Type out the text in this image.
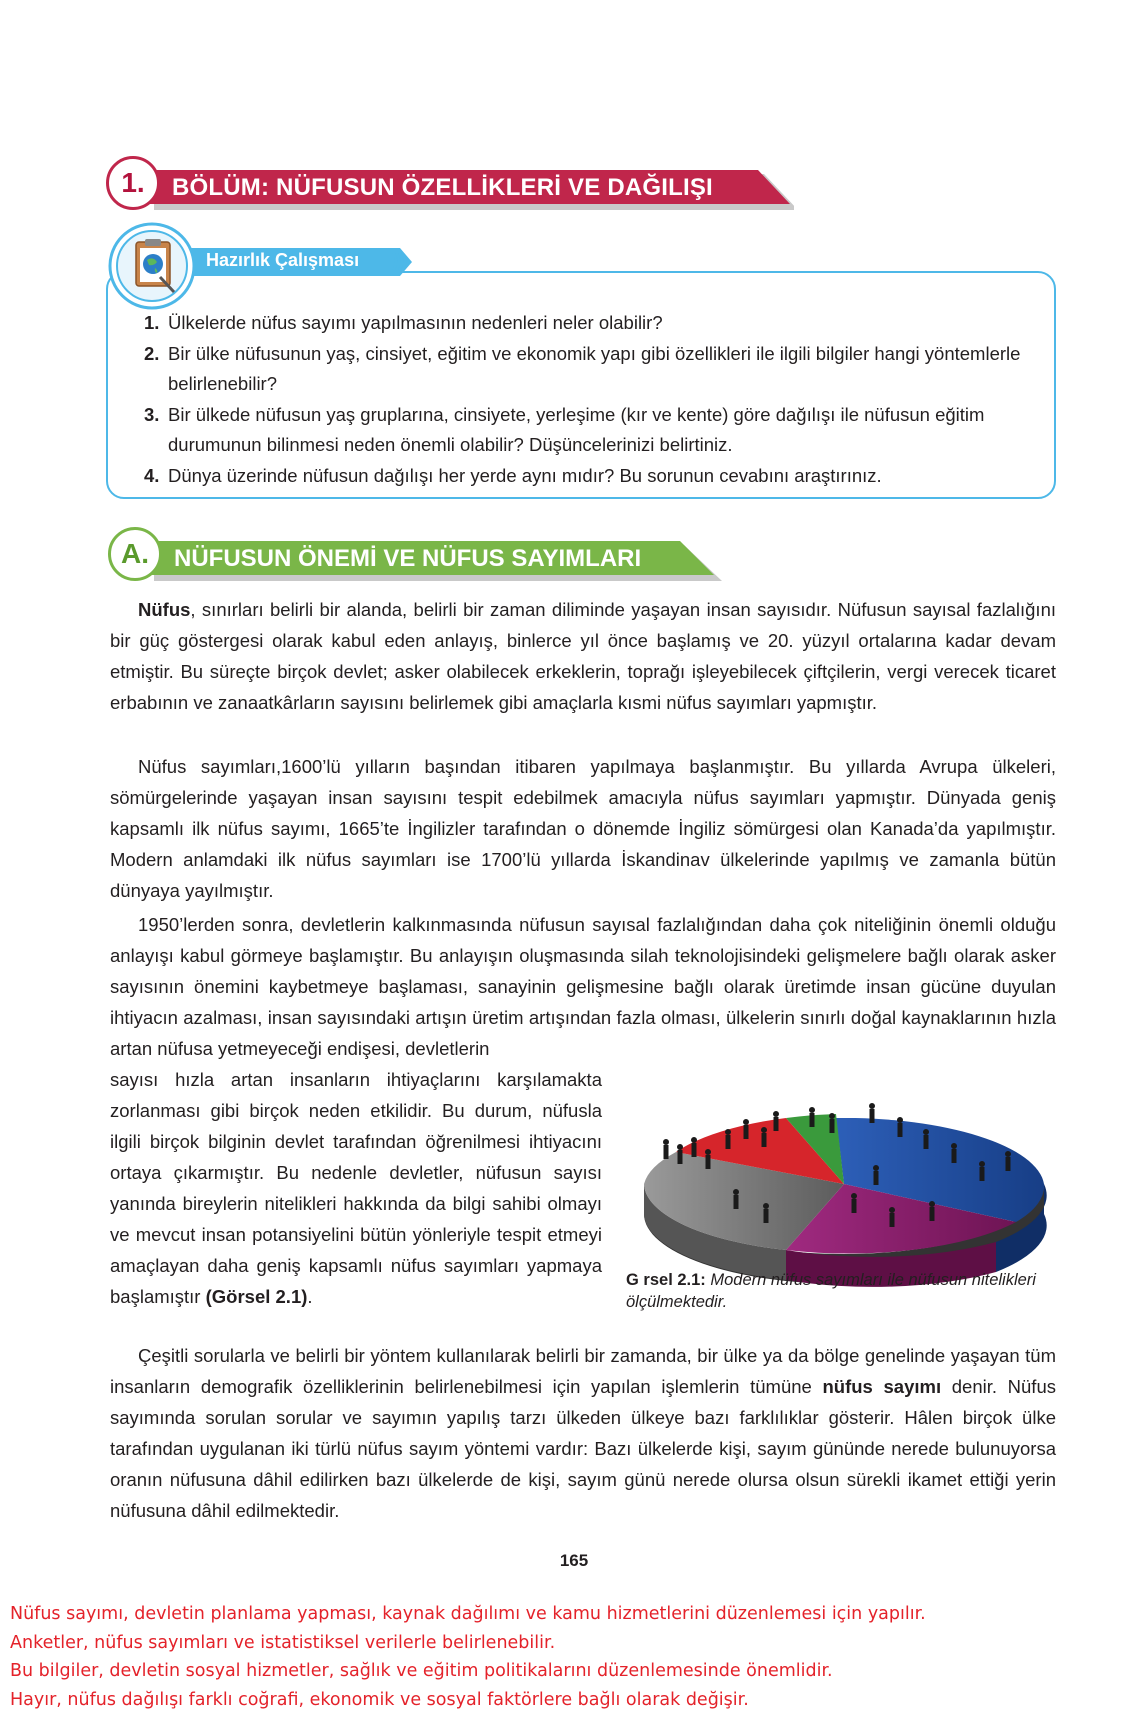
1.	BÖLÜM: NÜFUSUN ÖZELLİKLERİ VE DAĞILIŞI
Hazırlık Çalışması ))))
1. Ülkelerde nüfus sayımı yapılmasının nedenleri neler olabilir?
2. Bir ülke nüfusunun yaş, cinsiyet, eğitim ve ekonomik yapı gibi özellikleri ile ilgili bilgiler hangi yöntemlerle belirlenebilir?
3. Bir ülkede nüfusun yaş gruplarına, cinsiyete, yerleşime (kır ve kente) göre dağılışı ile nüfusun eğitim durumunun bilinmesi neden önemli olabilir? Düşüncelerinizi belirtiniz.
4. Dünya üzerinde nüfusun dağılışı her yerde aynı mıdır? Bu sorunun cevabını araştırınız.
A.	NÜFUSUN ÖNEMİ VE NÜFUS SAYIMLARI
Nüfus, sınırları belirli bir alanda, belirli bir zaman diliminde yaşayan insan sayısıdır. Nüfusun sayısal fazlalığını bir güç göstergesi olarak kabul eden anlayış, binlerce yıl önce başlamış ve 20. yüzyıl ortalarına kadar devam etmiştir. Bu süreçte birçok devlet; asker olabilecek erkeklerin, toprağı işleyebilecek çiftçilerin, vergi verecek ticaret erbabının ve zanaatkârların sayısını belirlemek gibi amaçlarla kısmi nüfus sayımları yapmıştır.
Nüfus sayımları,1600’lü yılların başından itibaren yapılmaya başlanmıştır. Bu yıllarda Avrupa ülkeleri, sömürgelerinde yaşayan insan sayısını tespit edebilmek amacıyla nüfus sayımları yapmıştır. Dünyada geniş kapsamlı ilk nüfus sayımı, 1665’te İngilizler tarafından o dönemde İngiliz sömürgesi olan Kanada’da yapılmıştır. Modern anlamdaki ilk nüfus sayımları ise 1700’lü yıllarda İskandinav ülkelerinde yapılmış ve zamanla bütün dünyaya yayılmıştır.
1950’lerden sonra, devletlerin kalkınmasında nüfusun sayısal fazlalığından daha çok niteliğinin önemli olduğu anlayışı kabul görmeye başlamıştır. Bu anlayışın oluşmasında silah teknolojisindeki gelişmelere bağlı olarak asker sayısının önemini kaybetmeye başlaması, sanayinin gelişmesine bağlı olarak üretimde insan gücüne duyulan ihtiyacın azalması, insan sayısındaki artışın üretim artışından fazla olması, ülkelerin sınırlı doğal kaynaklarının hızla artan nüfusa yetmeyeceği endişesi, devletlerin
sayısı hızla artan insanların ihtiyaçlarını karşılamakta zorlanması gibi birçok neden etkilidir. Bu durum, nüfusla ilgili birçok bilginin devlet tarafından öğrenilmesi ihtiyacını ortaya çıkarmıştır. Bu nedenle devletler, nüfusun sayısı yanında bireylerin nitelikleri hakkında da bilgi sahibi olmayı ve mevcut insan potansiyelini bütün yönleriyle tespit etmeyi amaçlayan daha geniş kapsamlı nüfus sayımları yapmaya başlamıştır (Görsel 2.1).
G rsel 2.1: Modern nüfus sayımları ile nüfusun nitelikleri ölçülmektedir.
Çeşitli sorularla ve belirli bir yöntem kullanılarak belirli bir zamanda, bir ülke ya da bölge genelinde yaşayan tüm insanların demografik özelliklerinin belirlenebilmesi için yapılan işlemlerin tümüne nüfus sayımı denir. Nüfus sayımında sorulan sorular ve sayımın yapılış tarzı ülkeden ülkeye bazı farklılıklar gösterir. Hâlen birçok ülke tarafından uygulanan iki türlü nüfus sayım yöntemi vardır: Bazı ülkelerde kişi, sayım gününde nerede bulunuyorsa oranın nüfusuna dâhil edilirken bazı ülkelerde de kişi, sayım günü nerede olursa olsun sürekli ikamet ettiği yerin nüfusuna dâhil edilmektedir.
165
Nüfus sayımı, devletin planlama yapması, kaynak dağılımı ve kamu hizmetlerini düzenlemesi için yapılır.
Anketler, nüfus sayımları ve istatistiksel verilerle belirlenebilir.
Bu bilgiler, devletin sosyal hizmetler, sağlık ve eğitim politikalarını düzenlemesinde önemlidir.
Hayır, nüfus dağılışı farklı coğrafi, ekonomik ve sosyal faktörlere bağlı olarak değişir.
